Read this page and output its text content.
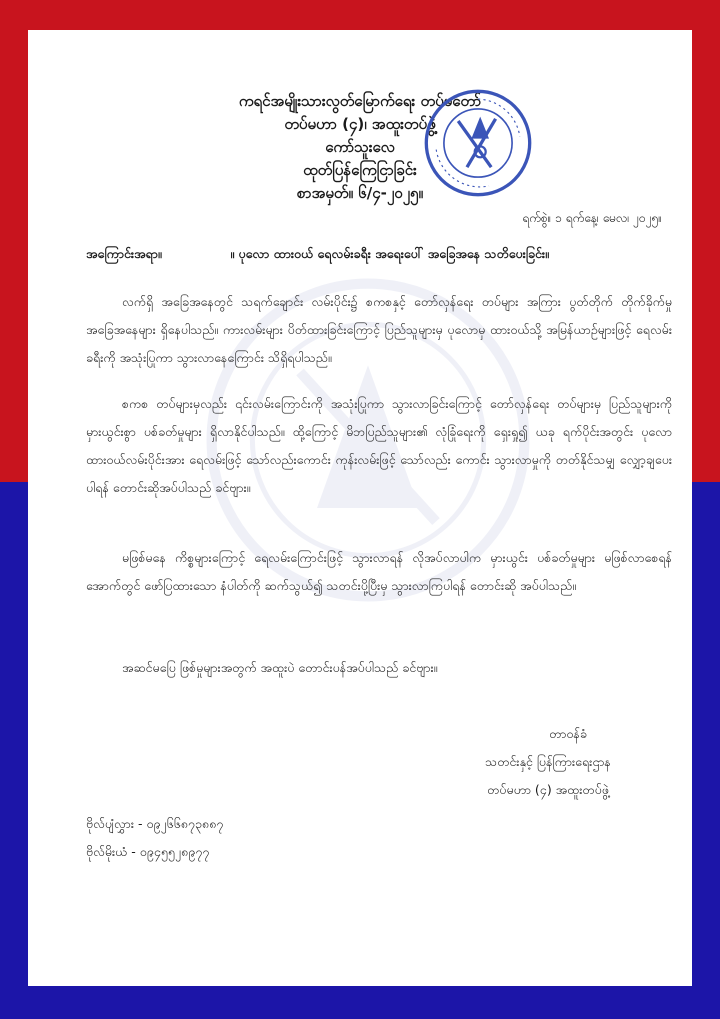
ကရင်အမျိုးသားလွတ်မြောက်ရေး တပ်မတော်
တပ်မဟာ (၄)၊ အထူးတပ်ဖွဲ့
ကော်သူးလေ
ထုတ်ပြန်ကြေငြာခြင်း
စာအမှတ်။ ၆/၄-၂၀၂၅။
ရက်စွဲ။ ၁ ရက်နေ့၊ မေလ၊ ၂၀၂၅။
အကြောင်းအရာ။	။ ပုလော ထားဝယ် ရေလမ်းခရီး အရေးပေါ် အခြေအနေ သတိပေးခြင်း။

လက်ရှိ အခြေအနေတွင် သရက်ချောင်း လမ်းပိုင်း၌ စကစနှင့် တော်လှန်ရေး တပ်များ အကြား ပွတ်တိုက် တိုက်ခိုက်မှု အခြေအနေများ ရှိနေပါသည်။ ကားလမ်းများ ပိတ်ထားခြင်းကြောင့် ပြည်သူများမှ ပုလောမှ ထားဝယ်သို့ အမြန်ယာဉ်များဖြင့် ရေလမ်းခရီးကို အသုံးပြုကာ သွားလာနေကြောင်း သိရှိရပါသည်။

စကစ တပ်များမှလည်း ၎င်းလမ်းကြောင်းကို အသုံးပြုကာ သွားလာခြင်းကြောင့် တော်လှန်ရေး တပ်များမှ ပြည်သူများကို မှားယွင်းစွာ ပစ်ခတ်မှုများ ရှိလာနိုင်ပါသည်။ ထို့ကြောင့် မိဘပြည်သူများ၏ လုံခြုံရေးကို ရှေးရှု၍ ယခု ရက်ပိုင်းအတွင်း ပုလော ထားဝယ်လမ်းပိုင်းအား ရေလမ်းဖြင့် သော်လည်းကောင်း ကုန်းလမ်းဖြင့် သော်လည်း ကောင်း သွားလာမှုကို တတ်နိုင်သမျှ လျှော့ချပေးပါရန် တောင်းဆိုအပ်ပါသည် ခင်ဗျား။

မဖြစ်မနေ ကိစ္စများကြောင့် ရေလမ်းကြောင်းဖြင့် သွားလာရန် လိုအပ်လာပါက မှားယွင်း ပစ်ခတ်မှုများ မဖြစ်လာစေရန် အောက်တွင် ဖော်ပြထားသော နံပါတ်ကို ဆက်သွယ်၍ သတင်းပို့ပြီးမှ သွားလာကြပါရန် တောင်းဆို အပ်ပါသည်။

အဆင်မပြေ ဖြစ်မှုများအတွက် အထူးပဲ တောင်းပန်အပ်ပါသည် ခင်ဗျား။

တာဝန်ခံ
သတင်းနှင့် ပြန်ကြားရေးဌာန
တပ်မဟာ (၄) အထူးတပ်ဖွဲ့
ဗိုလ်ပျံလွှား - ၀၉၂၆၆၈၇၃၈၈၇
ဗိုလ်မိုးယံ - ၀၉၄၅၅၂၈၉၇၇
